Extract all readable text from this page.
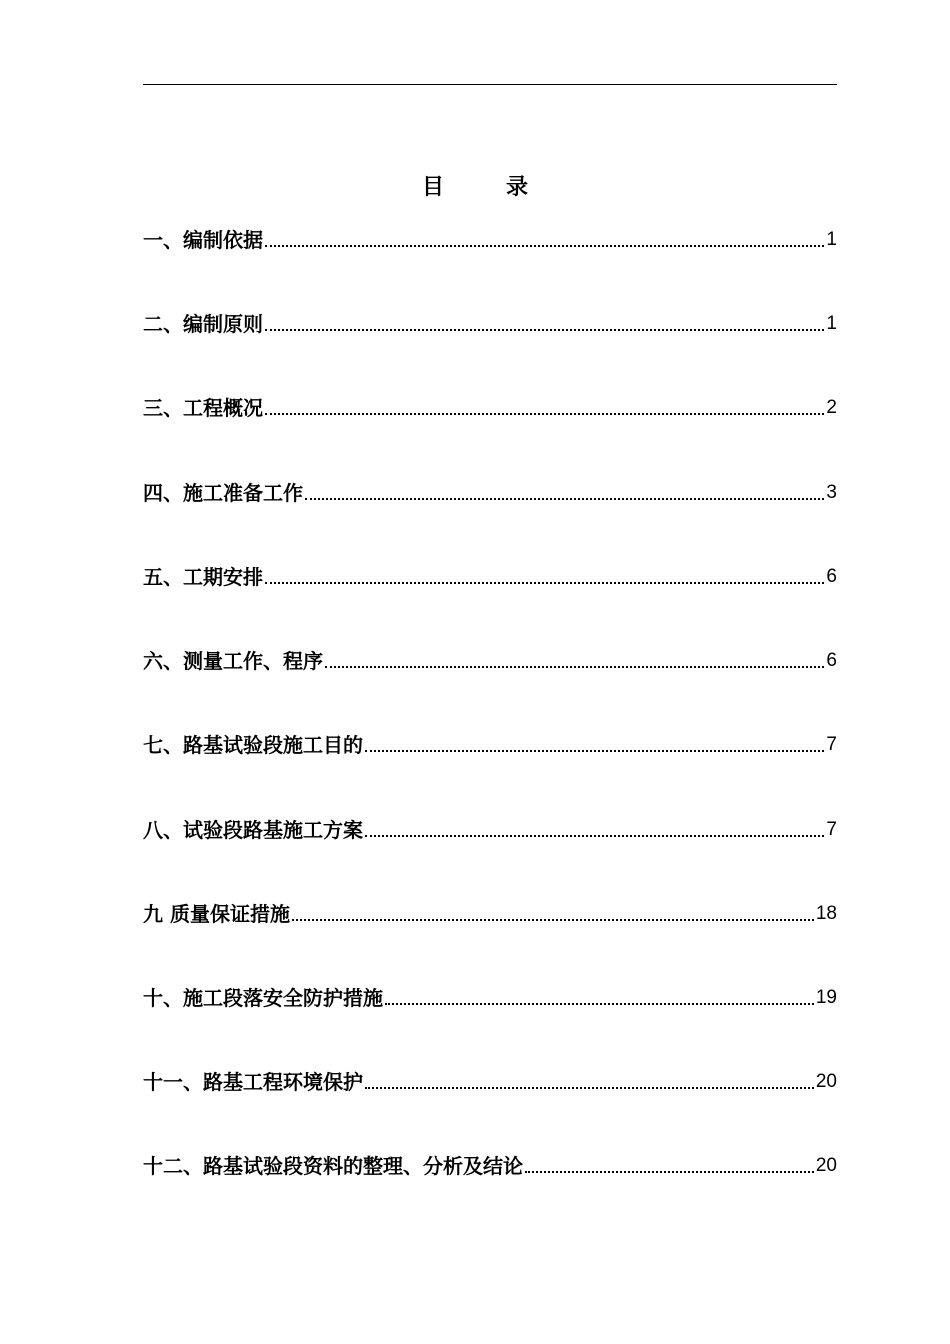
目	录
一、编制依据	1
二、编制原则	1
三、工程概况	2
四、施工准备工作	3
五、工期安排	6
六、测量工作、程序	6
七、路基试验段施工目的	7
八、试验段路基施工方案	7
九 质量保证措施	18
十、施工段落安全防护措施	19
十一、路基工程环境保护	20
十二、路基试验段资料的整理、分析及结论	20
